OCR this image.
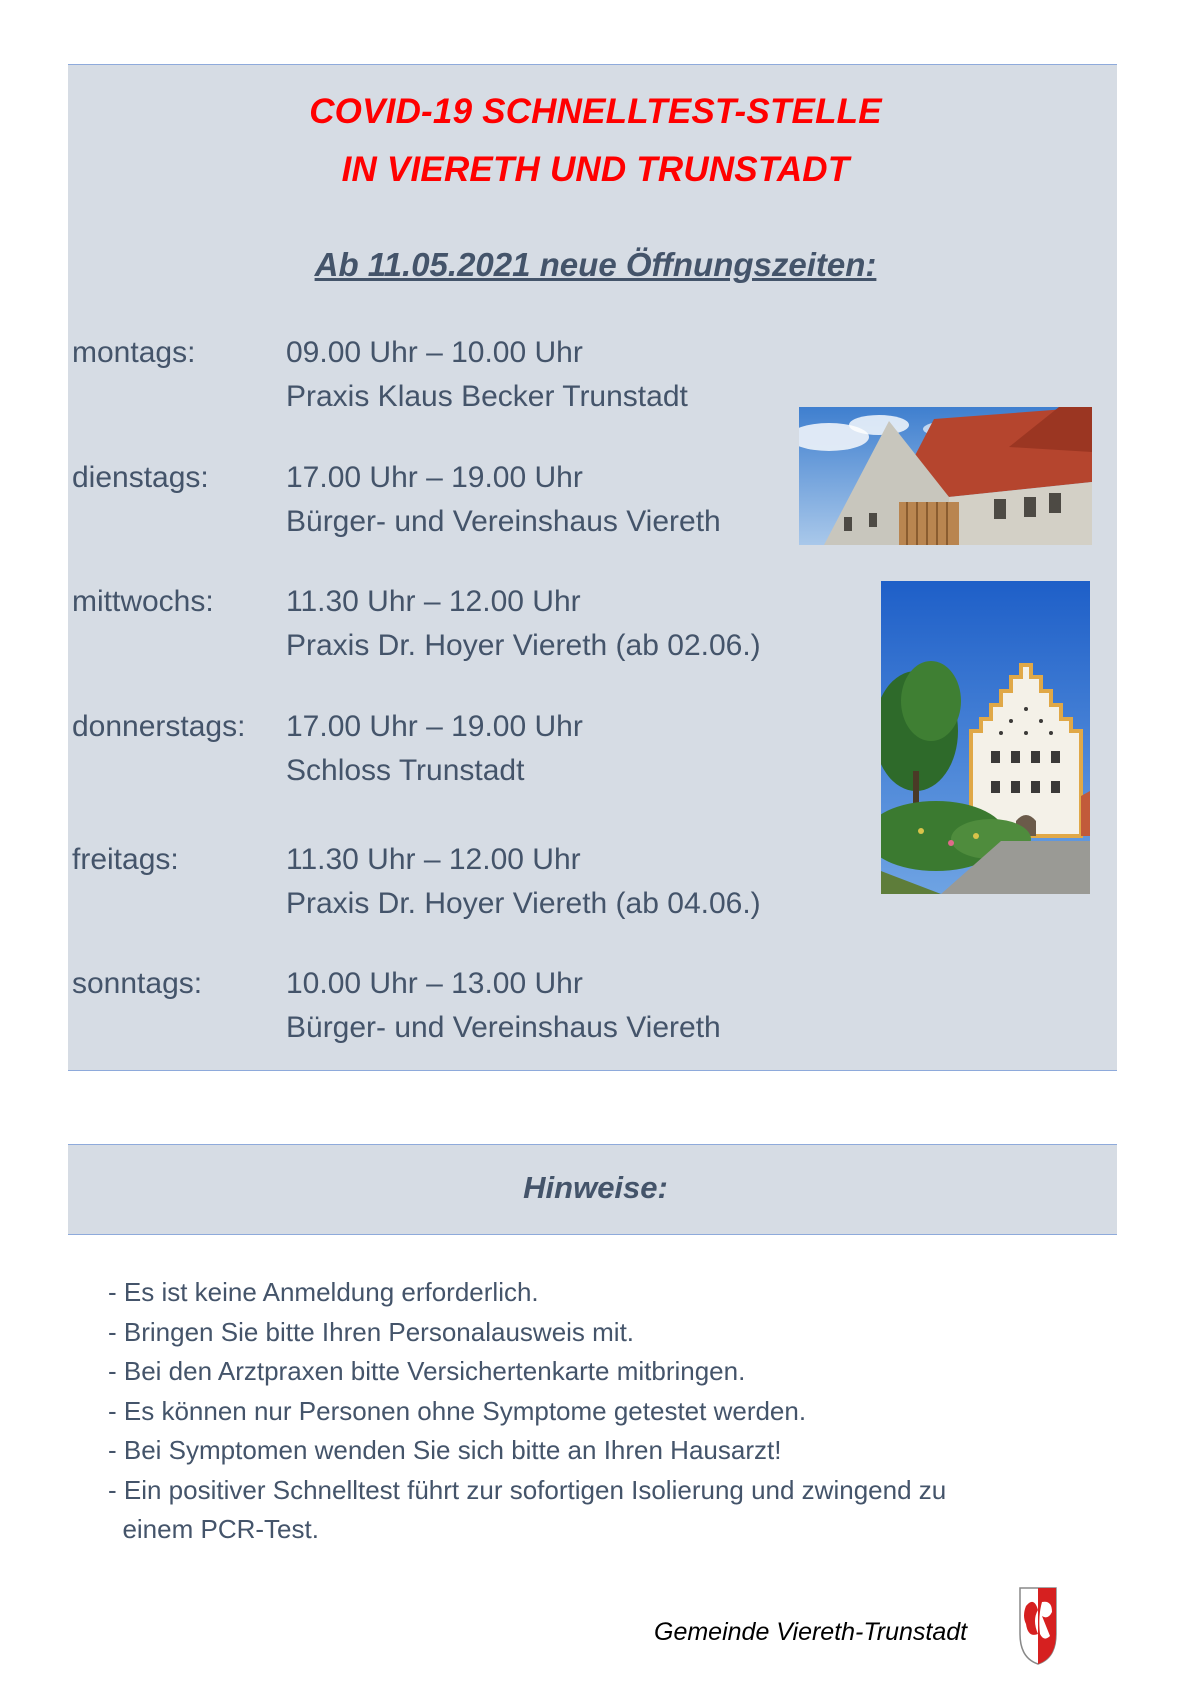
COVID-19 SCHNELLTEST-STELLE
IN VIERETH UND TRUNSTADT
Ab 11.05.2021 neue Öffnungszeiten:
montags:	09.00 Uhr – 10.00 Uhr
Praxis Klaus Becker Trunstadt
dienstags:	17.00 Uhr – 19.00 Uhr
Bürger- und Vereinshaus Viereth
mittwochs: 11.30 Uhr – 12.00 Uhr
Praxis Dr. Hoyer Viereth (ab 02.06.)
donnerstags: 17.00 Uhr – 19.00 Uhr
Schloss Trunstadt
freitags:	11.30 Uhr – 12.00 Uhr
Praxis Dr. Hoyer Viereth (ab 04.06.)
sonntags:	10.00 Uhr – 13.00 Uhr
Bürger- und Vereinshaus Viereth
Hinweise:
- Es ist keine Anmeldung erforderlich.
- Bringen Sie bitte Ihren Personalausweis mit.
- Bei den Arztpraxen bitte Versichertenkarte mitbringen.
- Es können nur Personen ohne Symptome getestet werden.
- Bei Symptomen wenden Sie sich bitte an Ihren Hausarzt!
- Ein positiver Schnelltest führt zur sofortigen Isolierung und zwingend zu
einem PCR-Test.
Gemeinde Viereth-Trunstadt
